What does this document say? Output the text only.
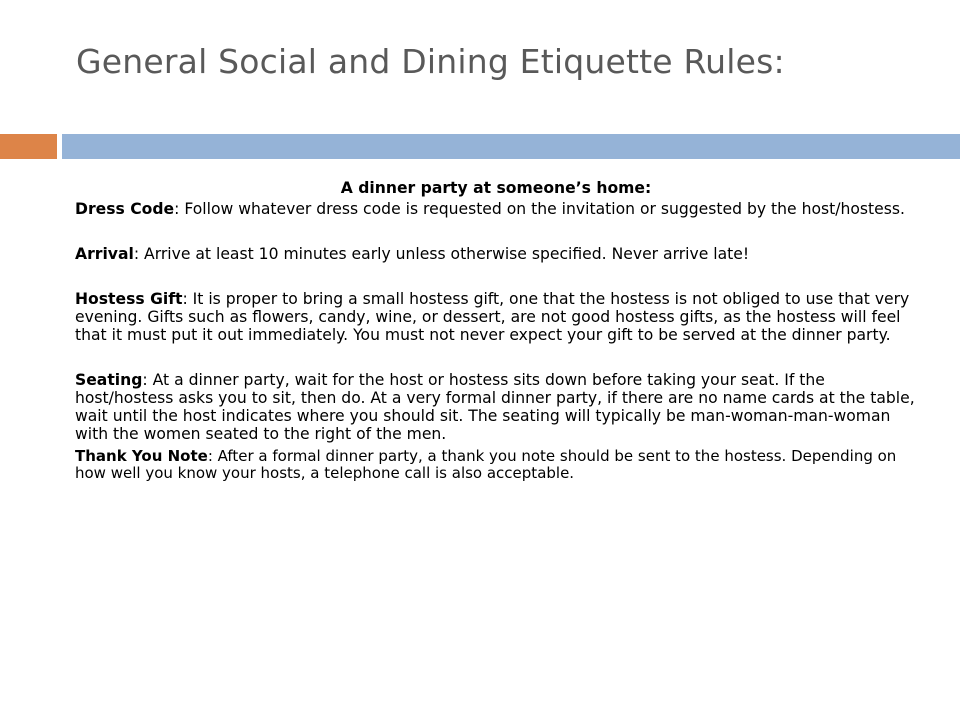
General Social and Dining Etiquette Rules:
A dinner party at someone’s home:

Dress Code: Follow whatever dress code is requested on the invitation or suggested by the host/hostess.

Arrival: Arrive at least 10 minutes early unless otherwise specified. Never arrive late!

Hostess Gift: It is proper to bring a small hostess gift, one that the hostess is not obliged to use that very evening. Gifts such as flowers, candy, wine, or dessert, are not good hostess gifts, as the hostess will feel that it must put it out immediately. You must not never expect your gift to be served at the dinner party.

Seating: At a dinner party, wait for the host or hostess sits down before taking your seat. If the host/hostess asks you to sit, then do. At a very formal dinner party, if there are no name cards at the table, wait until the host indicates where you should sit. The seating will typically be man-woman-man-woman with the women seated to the right of the men.

Thank You Note: After a formal dinner party, a thank you note should be sent to the hostess. Depending on how well you know your hosts, a telephone call is also acceptable.
